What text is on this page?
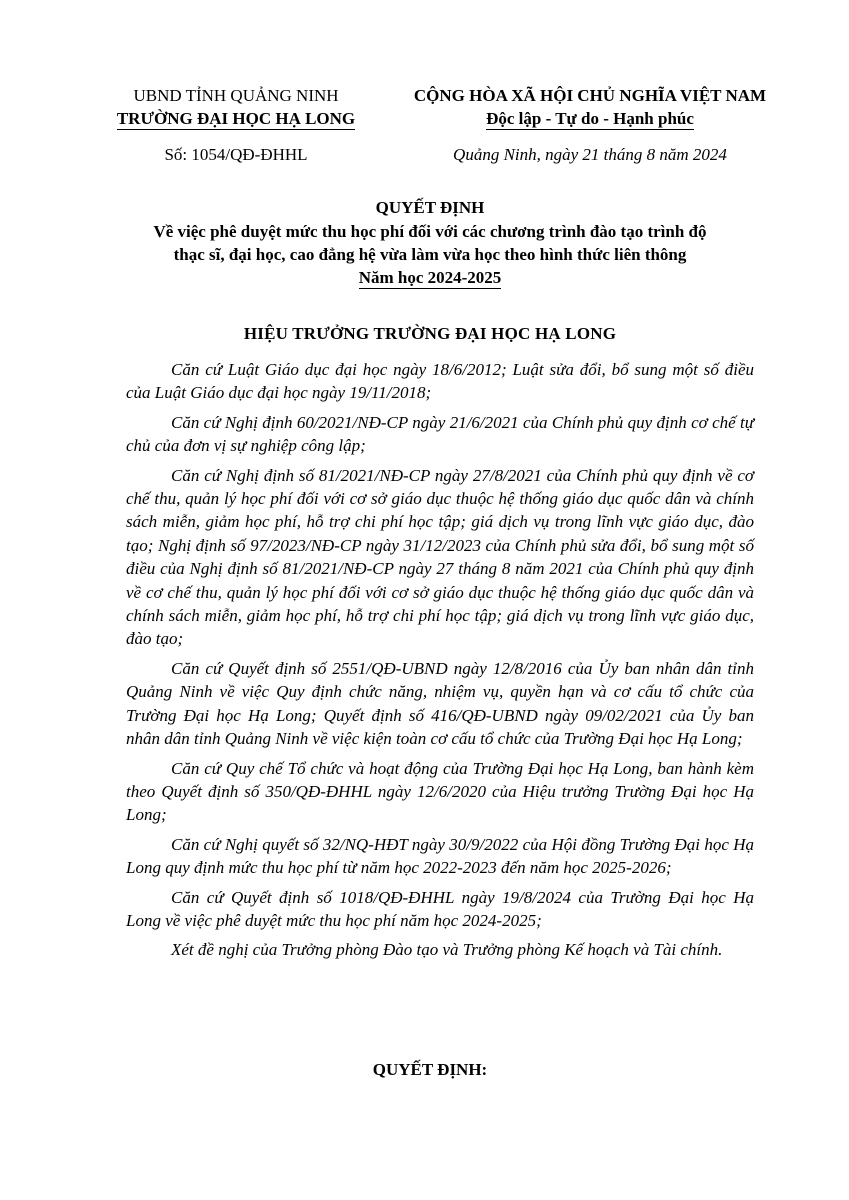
UBND TỈNH QUẢNG NINH
TRƯỜNG ĐẠI HỌC HẠ LONG
Số: 1054/QĐ-ĐHHL
CỘNG HÒA XÃ HỘI CHỦ NGHĨA VIỆT NAM
Độc lập - Tự do - Hạnh phúc
Quảng Ninh, ngày 21 tháng 8 năm 2024
QUYẾT ĐỊNH
Về việc phê duyệt mức thu học phí đối với các chương trình đào tạo trình độ
thạc sĩ, đại học, cao đẳng hệ vừa làm vừa học theo hình thức liên thông
Năm học 2024-2025
HIỆU TRƯỞNG TRƯỜNG ĐẠI HỌC HẠ LONG

Căn cứ Luật Giáo dục đại học ngày 18/6/2012; Luật sửa đổi, bổ sung một số điều của Luật Giáo dục đại học ngày 19/11/2018;

Căn cứ Nghị định 60/2021/NĐ-CP ngày 21/6/2021 của Chính phủ quy định cơ chế tự chủ của đơn vị sự nghiệp công lập;

Căn cứ Nghị định số 81/2021/NĐ-CP ngày 27/8/2021 của Chính phủ quy định về cơ chế thu, quản lý học phí đối với cơ sở giáo dục thuộc hệ thống giáo dục quốc dân và chính sách miễn, giảm học phí, hỗ trợ chi phí học tập; giá dịch vụ trong lĩnh vực giáo dục, đào tạo; Nghị định số 97/2023/NĐ-CP ngày 31/12/2023 của Chính phủ sửa đổi, bổ sung một số điều của Nghị định số 81/2021/NĐ-CP ngày 27 tháng 8 năm 2021 của Chính phủ quy định về cơ chế thu, quản lý học phí đối với cơ sở giáo dục thuộc hệ thống giáo dục quốc dân và chính sách miễn, giảm học phí, hỗ trợ chi phí học tập; giá dịch vụ trong lĩnh vực giáo dục, đào tạo;

Căn cứ Quyết định số 2551/QĐ-UBND ngày 12/8/2016 của Ủy ban nhân dân tỉnh Quảng Ninh về việc Quy định chức năng, nhiệm vụ, quyền hạn và cơ cấu tổ chức của Trường Đại học Hạ Long; Quyết định số 416/QĐ-UBND ngày 09/02/2021 của Ủy ban nhân dân tỉnh Quảng Ninh về việc kiện toàn cơ cấu tổ chức của Trường Đại học Hạ Long;

Căn cứ Quy chế Tổ chức và hoạt động của Trường Đại học Hạ Long, ban hành kèm theo Quyết định số 350/QĐ-ĐHHL ngày 12/6/2020 của Hiệu trưởng Trường Đại học Hạ Long;

Căn cứ Nghị quyết số 32/NQ-HĐT ngày 30/9/2022 của Hội đồng Trường Đại học Hạ Long quy định mức thu học phí từ năm học 2022-2023 đến năm học 2025-2026;

Căn cứ Quyết định số 1018/QĐ-ĐHHL ngày 19/8/2024 của Trường Đại học Hạ Long về việc phê duyệt mức thu học phí năm học 2024-2025;

Xét đề nghị của Trưởng phòng Đào tạo và Trưởng phòng Kế hoạch và Tài chính.

QUYẾT ĐỊNH:
